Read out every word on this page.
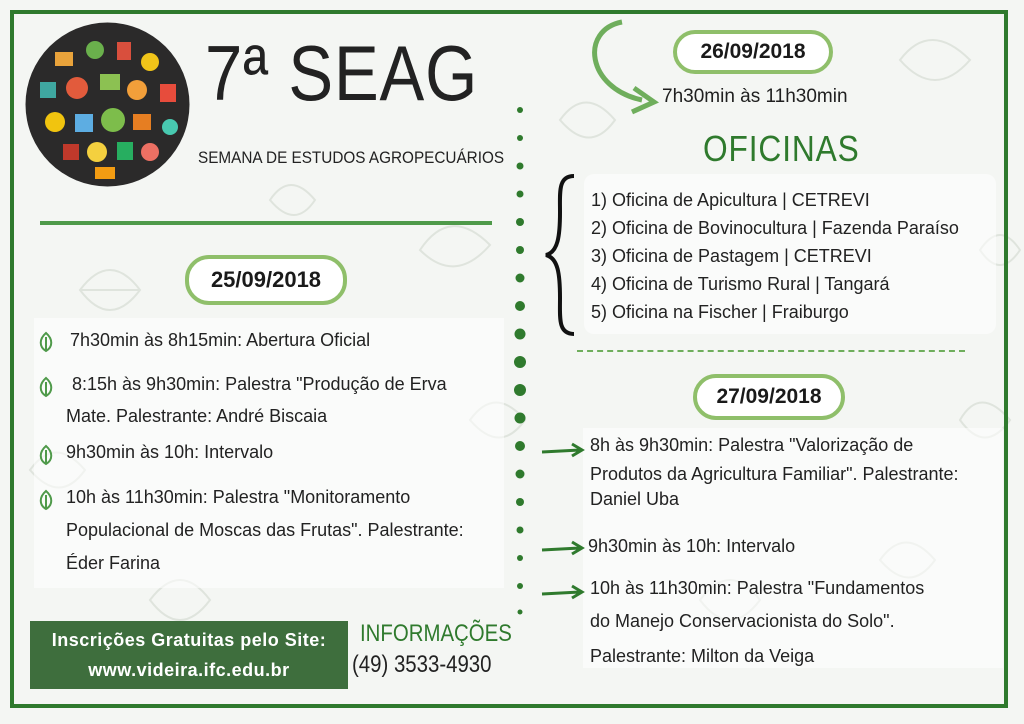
7ª SEAG
SEMANA DE ESTUDOS AGROPECUÁRIOS
25/09/2018
7h30min às 8h15min: Abertura Oficial
8:15h às 9h30min: Palestra "Produção de Erva
Mate. Palestrante: André Biscaia
9h30min às 10h: Intervalo
10h às 11h30min: Palestra "Monitoramento
Populacional de Moscas das Frutas". Palestrante:
Éder Farina
26/09/2018
7h30min às 11h30min
OFICINAS
1) Oficina de Apicultura | CETREVI
2) Oficina de Bovinocultura | Fazenda Paraíso
3) Oficina de Pastagem | CETREVI
4) Oficina de Turismo Rural | Tangará
5) Oficina na Fischer | Fraiburgo
27/09/2018
8h às 9h30min: Palestra "Valorização de
Produtos da Agricultura Familiar". Palestrante:
Daniel Uba
9h30min às 10h: Intervalo
10h às 11h30min: Palestra "Fundamentos
do Manejo Conservacionista do Solo".
Palestrante: Milton da Veiga
Inscrições Gratuitas pelo Site:
www.videira.ifc.edu.br
INFORMAÇÕES
(49) 3533-4930
